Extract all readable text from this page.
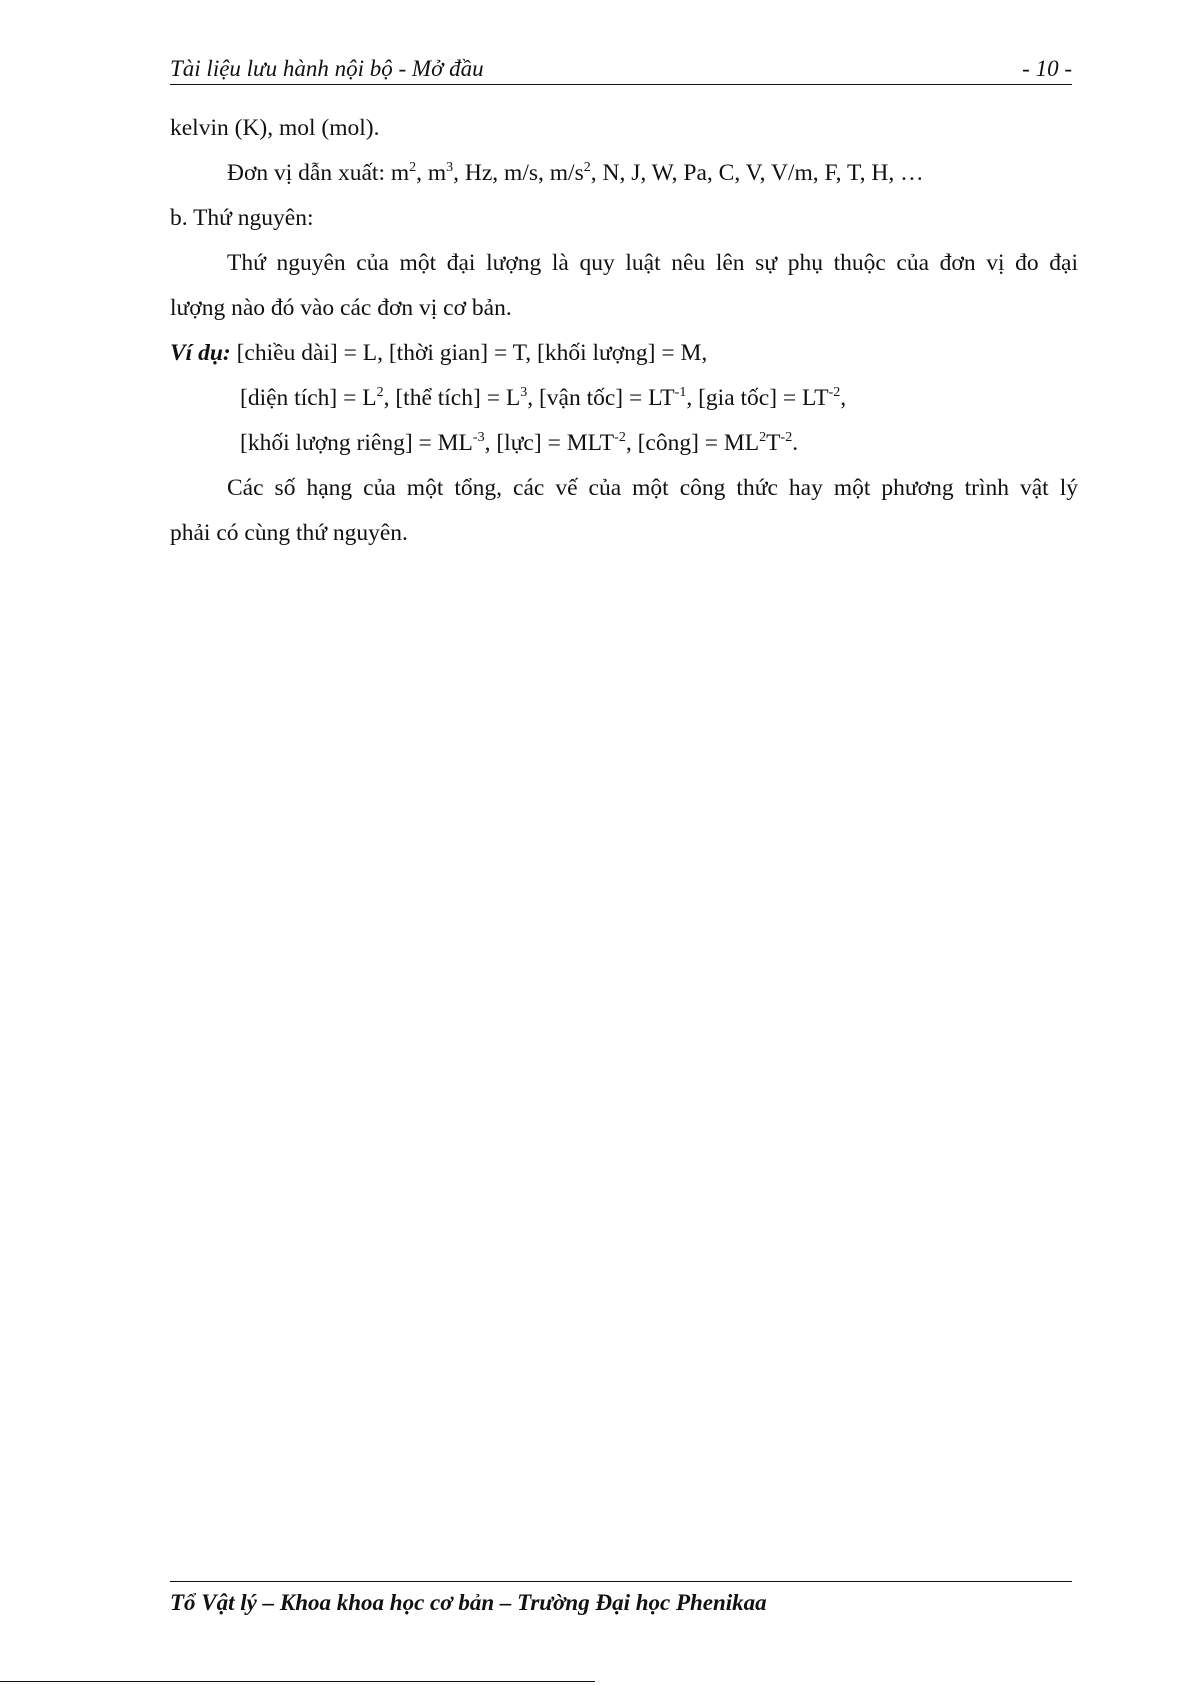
Tài liệu lưu hành nội bộ - Mở đầu	- 10 -
kelvin (K), mol (mol).
Đơn vị dẫn xuất: $m^2$, $m^3$, Hz, m/s, $m/s^2$, N, J, W, Pa, C, V, V/m, F, T, H, …
b. Thứ nguyên:
Thứ nguyên của một đại lượng là quy luật nêu lên sự phụ thuộc của đơn vị đo đại
lượng nào đó vào các đơn vị cơ bản.
Ví dụ: [chiều dài] = L, [thời gian] = T, [khối lượng] = M,
[diện tích] = $L^2$, [thể tích] = $L^3$, [vận tốc] = $LT^{-1}$, [gia tốc] = $LT^{-2}$,
[khối lượng riêng] = $ML^{-3}$, [lực] = $MLT^{-2}$, [công] = $ML^2T^{-2}$.
Các số hạng của một tổng, các vế của một công thức hay một phương trình vật lý
phải có cùng thứ nguyên.
Tổ Vật lý – Khoa khoa học cơ bản – Trường Đại học Phenikaa
